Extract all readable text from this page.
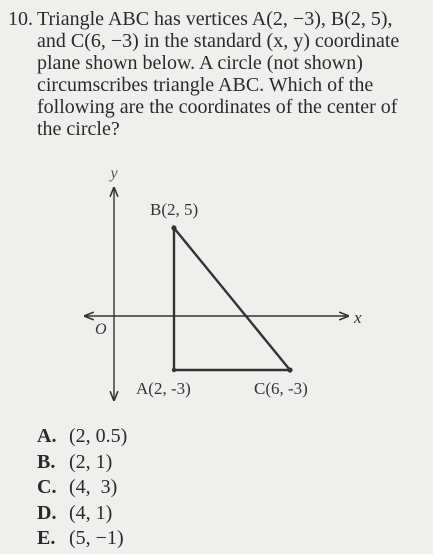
10. Triangle ABC has vertices A(2, −3), B(2, 5),
and C(6, −3) in the standard (x, y) coordinate
plane shown below. A circle (not shown)
circumscribes triangle ABC. Which of the
following are the coordinates of the center of
the circle?
y
x
O
B(2, 5)
A(2, -3)	C(6, -3)
A. (2, 0.5)
B. (2, 1)
C. (4,  3)
D. (4, 1)
E. (5, −1)
